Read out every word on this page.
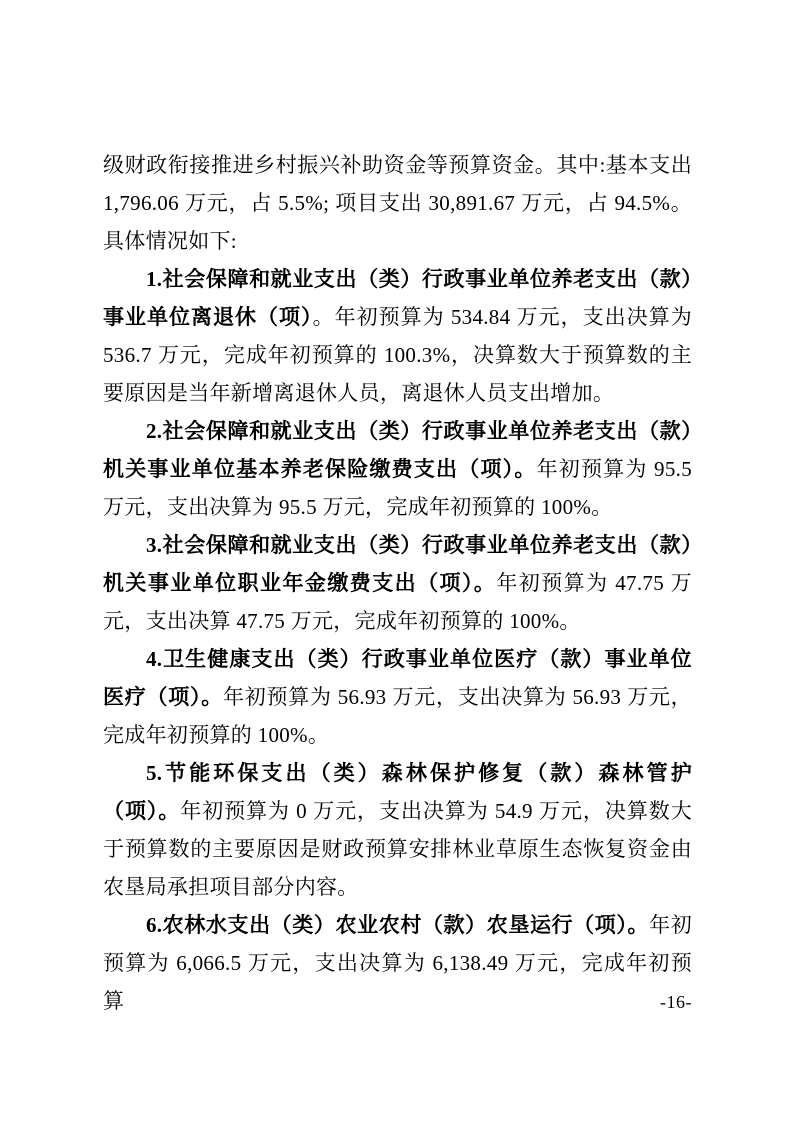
级财政衔接推进乡村振兴补助资金等预算资金。其中:基本支出 1,796.06 万元，占 5.5%; 项目支出 30,891.67 万元，占 94.5%。具体情况如下:

1.社会保障和就业支出（类）行政事业单位养老支出（款）事业单位离退休（项）。年初预算为 534.84 万元，支出决算为 536.7 万元，完成年初预算的 100.3%，决算数大于预算数的主要原因是当年新增离退休人员，离退休人员支出增加。

2.社会保障和就业支出（类）行政事业单位养老支出（款）机关事业单位基本养老保险缴费支出（项）。年初预算为 95.5 万元，支出决算为 95.5 万元，完成年初预算的 100%。

3.社会保障和就业支出（类）行政事业单位养老支出（款）机关事业单位职业年金缴费支出（项）。年初预算为 47.75 万元，支出决算 47.75 万元，完成年初预算的 100%。

4.卫生健康支出（类）行政事业单位医疗（款）事业单位医疗（项）。年初预算为 56.93 万元，支出决算为 56.93 万元，完成年初预算的 100%。

5.节能环保支出（类）森林保护修复（款）森林管护（项）。年初预算为 0 万元，支出决算为 54.9 万元，决算数大于预算数的主要原因是财政预算安排林业草原生态恢复资金由农垦局承担项目部分内容。

6.农林水支出（类）农业农村（款）农垦运行（项）。年初预算为 6,066.5 万元，支出决算为 6,138.49 万元，完成年初预算	-16-
